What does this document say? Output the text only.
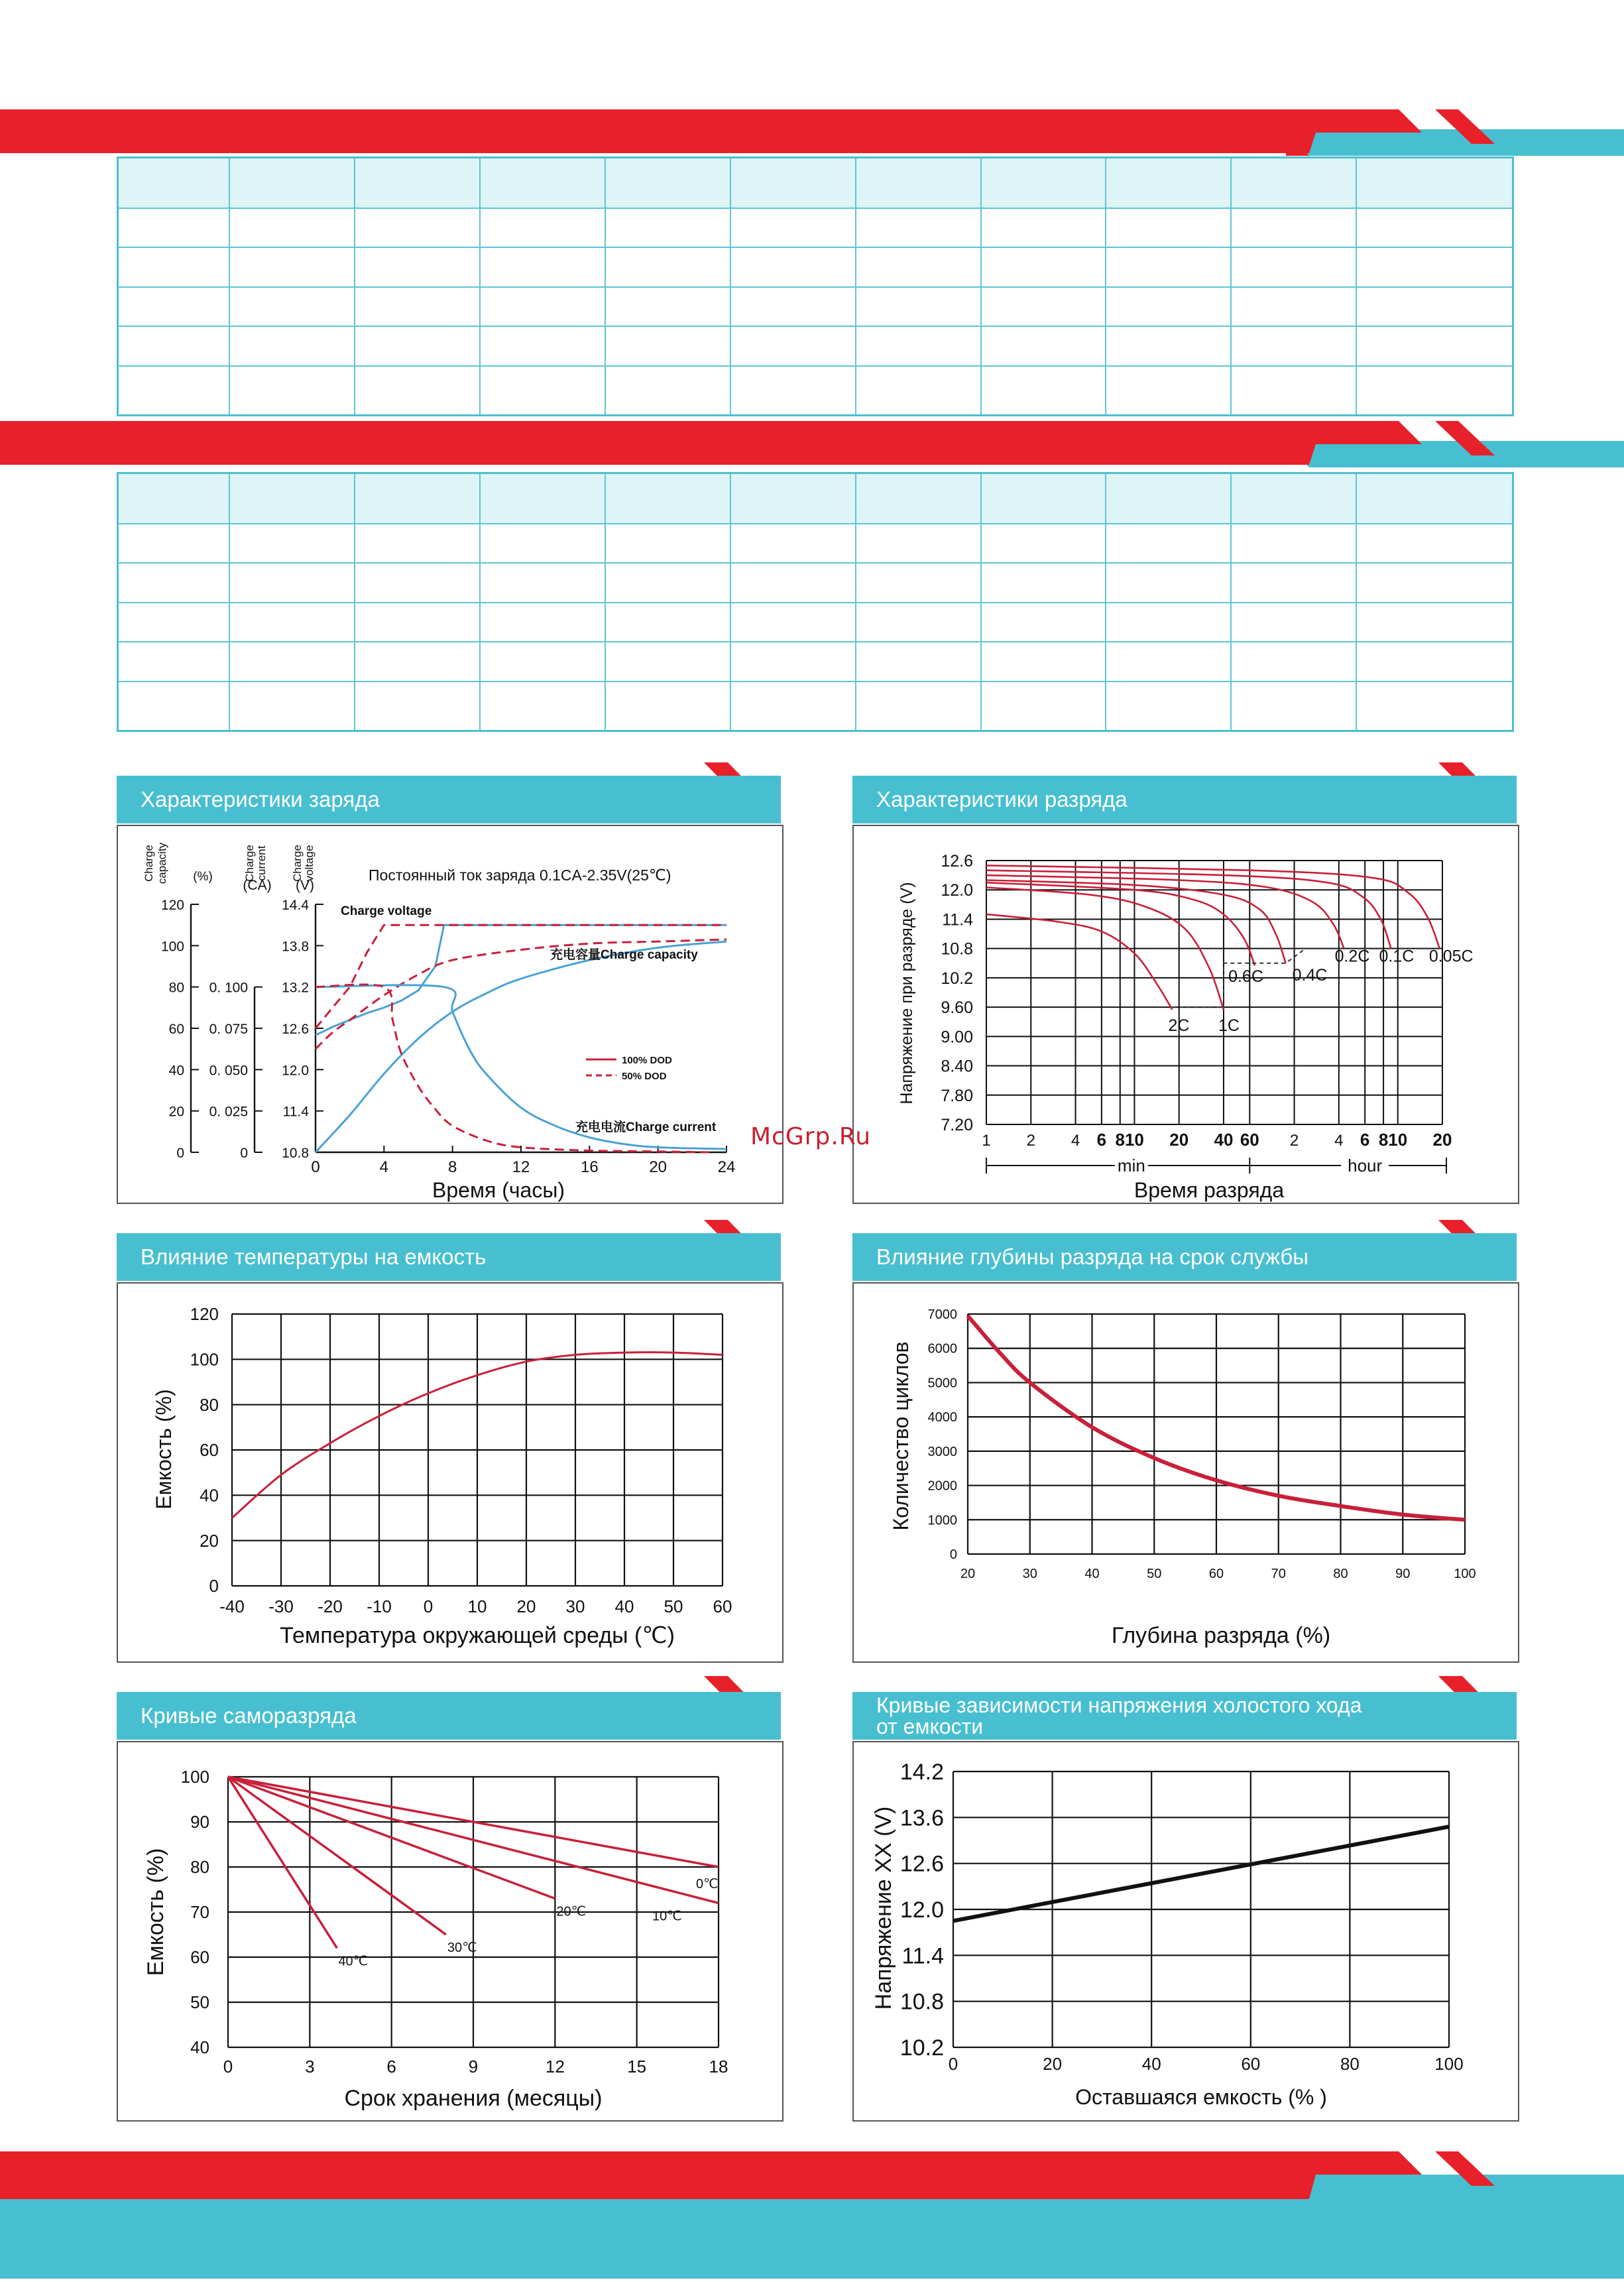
Характеристики заряда	Характеристики разряда
Влияние температуры на емкость	Влияние глубины разряда на срок службы
Кривые саморазряда	Кривые зависимости напряжения холостого хода
от емкости
10.8
11.4
12.0
12.6
13.2
13.8
14.4
0
20
40
60
80
100
120
0
0. 025
0. 050
0. 075
0. 100
0	4	8	12	16	20	24
Charge capacity (%)	Charge current
(CA)
Charge voltage
(V)
Постоянный ток заряда 0.1CA-2.35V(25℃)
Charge voltage
充电容量Charge capacity
充电电流Charge current
100% DOD
50% DOD
Время (часы)
1 2 4 6 8 10 20 40 60 2 4 6 8 10 20
7.20
7.80
8.40
9.00
9.60
10.2
10.8
11.4
12.0
12.6
2C 1C
0.6C 0.4C
0.2C 0.1C 0.05C
min	hour
Напряжение при разряде (V)
Время разряда
-40 -30 -20 -10 0 10 20 30 40 50 60
0
20
40
60
80
100
120
Емкость (%)
Температура окружающей среды (℃)
20	30	40	50	60	70	80	90	100
0
1000
2000
3000
4000
5000
6000
7000
Количество циклов
Глубина разряда (%)
0	3	6	9	12	15	18
40
50
60
70
80
90
100
0℃
10℃
20℃
30℃
40℃
Емкость (%)
Срок хранения (месяцы)
0	20	40	60	80	100
10.2
10.8
11.4
12.0
12.6
13.6
14.2
Напряжение ХХ (V)
Оставшаяся емкость (% )
McGrp.Ru
